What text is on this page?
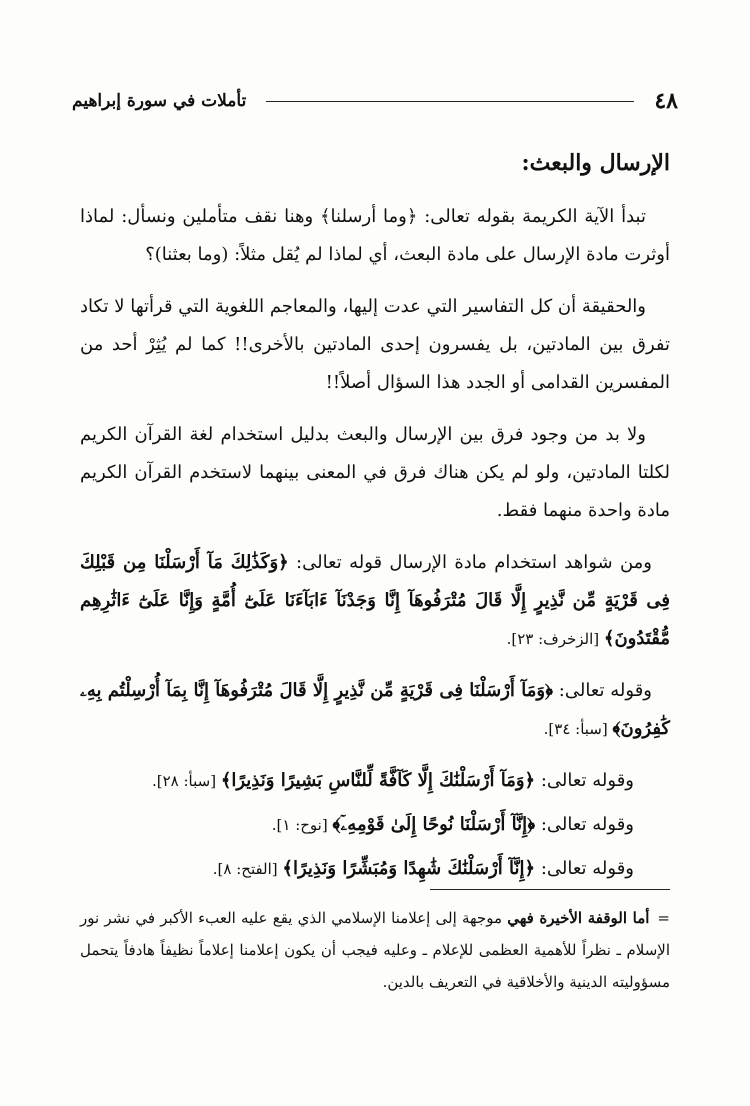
٤٨
تأملات في سورة إبراهيم
الإرسال والبعث:

تبدأ الآية الكريمة بقوله تعالى: ﴿وما أرسلنا﴾ وهنا نقف متأملين ونسأل: لماذا أوثرت مادة الإرسال على مادة البعث، أي لماذا لم يُقل مثلاً: (وما بعثنا)؟

والحقيقة أن كل التفاسير التي عدت إليها، والمعاجم اللغوية التي قرأتها لا تكاد تفرق بين المادتين، بل يفسرون إحدى المادتين بالأخرى!! كما لم يُثِرْ أحد من المفسرين القدامى أو الجدد هذا السؤال أصلاً!!

ولا بد من وجود فرق بين الإرسال والبعث بدليل استخدام لغة القرآن الكريم لكلتا المادتين، ولو لم يكن هناك فرق في المعنى بينهما لاستخدم القرآن الكريم مادة واحدة منهما فقط.

ومن شواهد استخدام مادة الإرسال قوله تعالى: ﴿وَكَذَٰلِكَ مَآ أَرْسَلْنَا مِن قَبْلِكَ فِى قَرْيَةٍ مِّن نَّذِيرٍ إِلَّا قَالَ مُتْرَفُوهَآ إِنَّا وَجَدْنَآ ءَابَآءَنَا عَلَىٰٓ أُمَّةٍ وَإِنَّا عَلَىٰٓ ءَاثَٰرِهِم مُّقْتَدُونَ﴾ [الزخرف: ٢٣].

وقوله تعالى: ﴿وَمَآ أَرْسَلْنَا فِى قَرْيَةٍ مِّن نَّذِيرٍ إِلَّا قَالَ مُتْرَفُوهَآ إِنَّا بِمَآ أُرْسِلْتُم بِهِۦ كَٰفِرُونَ﴾ [سبأ: ٣٤].

وقوله تعالى: ﴿وَمَآ أَرْسَلْنَٰكَ إِلَّا كَآفَّةً لِّلنَّاسِ بَشِيرًا وَنَذِيرًا﴾ [سبأ: ٢٨].

وقوله تعالى: ﴿إِنَّآ أَرْسَلْنَا نُوحًا إِلَىٰ قَوْمِهِۦٓ﴾ [نوح: ١].

وقوله تعالى: ﴿إِنَّآ أَرْسَلْنَٰكَ شَٰهِدًا وَمُبَشِّرًا وَنَذِيرًا﴾ [الفتح: ٨].

=أما الوقفة الأخيرة فهي موجهة إلى إعلامنا الإسلامي الذي يقع عليه العبء الأكبر في نشر نور الإسلام ـ نظراً للأهمية العظمى للإعلام ـ وعليه فيجب أن يكون إعلامنا إعلاماً نظيفاً هادفاً يتحمل مسؤوليته الدينية والأخلاقية في التعريف بالدين.
